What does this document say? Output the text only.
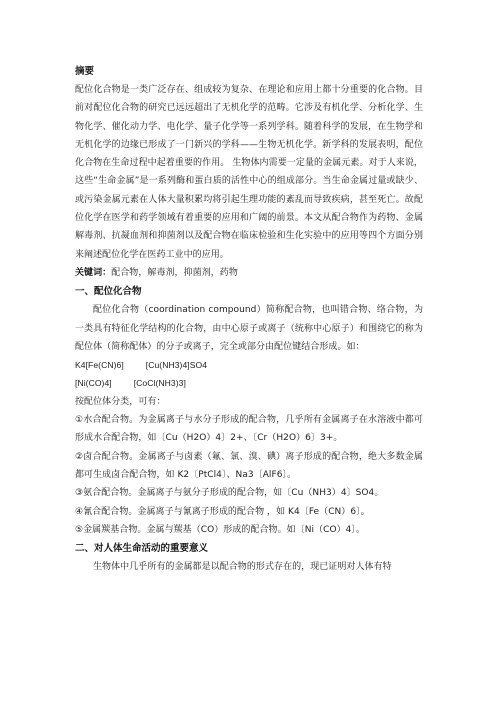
摘要

配位化合物是一类广泛存在、组成较为复杂、在理论和应用上都十分重要的化合物。目前对配位化合物的研究已远远超出了无机化学的范畴。它涉及有机化学、分析化学、生物化学、催化动力学、电化学、量子化学等一系列学科。随着科学的发展，在生物学和无机化学的边缘已形成了一门新兴的学科——生物无机化学。新学科的发展表明，配位化合物在生命过程中起着重要的作用。 生物体内需要一定量的金属元素。对于人来说，这些“生命金属”是一系列酶和蛋白质的活性中心的组成部分。当生命金属过量或缺少、或污染金属元素在人体大量积累均将引起生理功能的紊乱而导致疾病，甚至死亡。故配位化学在医学和药学领域有着重要的应用和广阔的前景。本文从配合物作为药物、金属解毒剂、抗凝血剂和抑菌剂以及配合物在临床检验和生化实验中的应用等四个方面分别来阐述配位化学在医药工业中的应用。

关键词：配合物，解毒剂，抑菌剂，药物

一、配位化合物

配位化合物（coordination compound）简称配合物，也叫错合物、络合物，为一类具有特征化学结构的化合物，由中心原子或离子（统称中心原子）和围绕它的称为配位体（简称配体）的分子或离子，完全或部分由配位键结合形成。如：

K4[Fe(CN)6]	[Cu(NH3)4]SO4

[Ni(CO)4]	[CoCl(NH3)3]

按配位体分类，可有：

①水合配合物。为金属离子与水分子形成的配合物，几乎所有金属离子在水溶液中都可形成水合配合物，如〔Cu（H2O）4〕2+、〔Cr（H2O）6〕3+。

②卤合配合物。金属离子与卤素（氟、氯、溴、碘）离子形成的配合物，绝大多数金属都可生成卤合配合物，如 K2〔PtCl4〕、Na3〔AlF6〕。

③氨合配合物。金属离子与氨分子形成的配合物，如〔Cu（NH3）4〕SO4。

④氰合配合物。金属离子与氰离子形成的配合物 ，如 K4〔Fe（CN）6〕。

⑤金属羰基合物。金属与羰基（CO）形成的配合物。如〔Ni（CO）4〕。

二、对人体生命活动的重要意义

生物体中几乎所有的金属都是以配合物的形式存在的，现已证明对人体有特
